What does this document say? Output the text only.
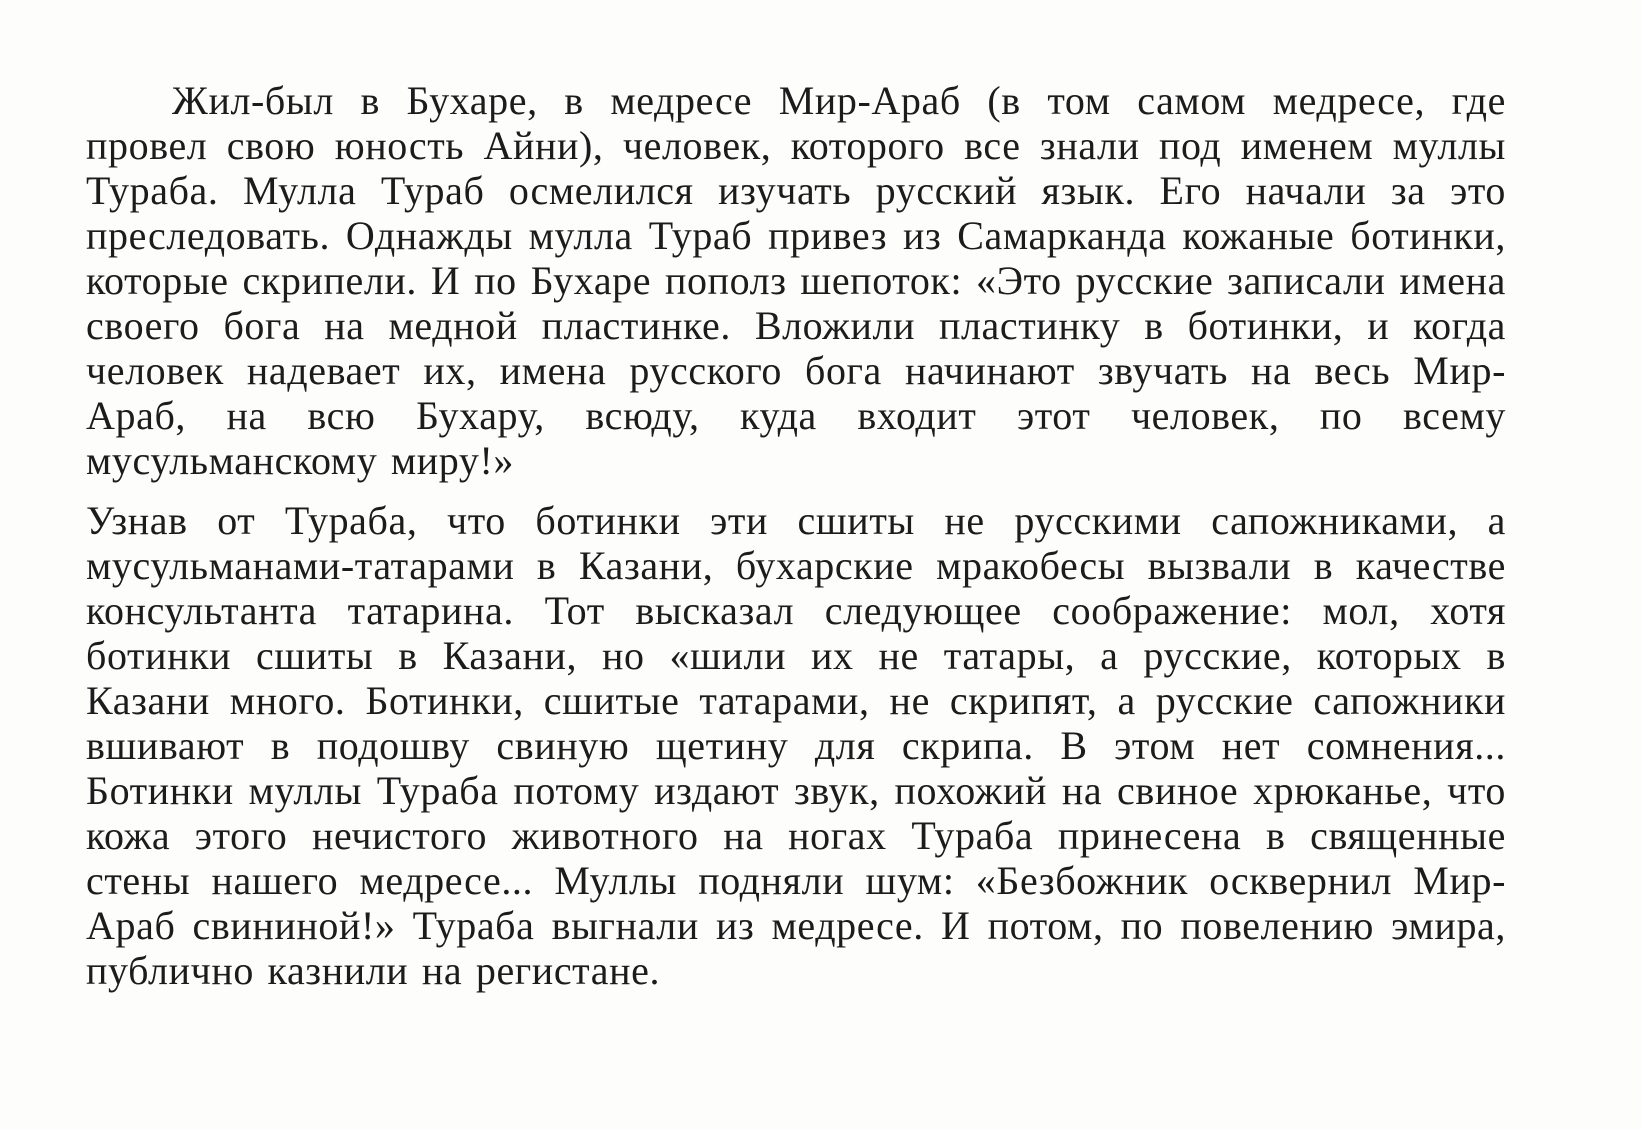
Жил-был в Бухаре, в медресе Мир-Араб (в том самом медресе, где провел свою юность Айни), человек, которого все знали под именем муллы Тураба. Мулла Тураб осмелился изучать русский язык. Его начали за это преследовать. Однажды мулла Тураб привез из Самарканда кожаные ботинки, которые скрипели. И по Бухаре пополз шепоток: «Это русские записали имена своего бога на медной пластинке. Вложили пластинку в ботинки, и когда человек надевает их, имена русского бога начинают звучать на весь Мир-Араб, на всю Бухару, всюду, куда входит этот человек, по всему мусульманскому миру!»

Узнав от Тураба, что ботинки эти сшиты не русскими сапожниками, а мусульманами-татарами в Казани, бухарские мракобесы вызвали в качестве консультанта татарина. Тот высказал следующее соображение: мол, хотя ботинки сшиты в Казани, но «шили их не татары, а русские, которых в Казани много. Ботинки, сшитые татарами, не скрипят, а русские сапожники вшивают в подошву свиную щетину для скрипа. В этом нет сомнения... Ботинки муллы Тураба потому издают звук, похожий на свиное хрюканье, что кожа этого нечистого животного на ногах Тураба принесена в священные стены нашего медресе... Муллы подняли шум: «Безбожник осквернил Мир-Араб свининой!» Тураба выгнали из медресе. И потом, по повелению эмира, публично казнили на регистане.
